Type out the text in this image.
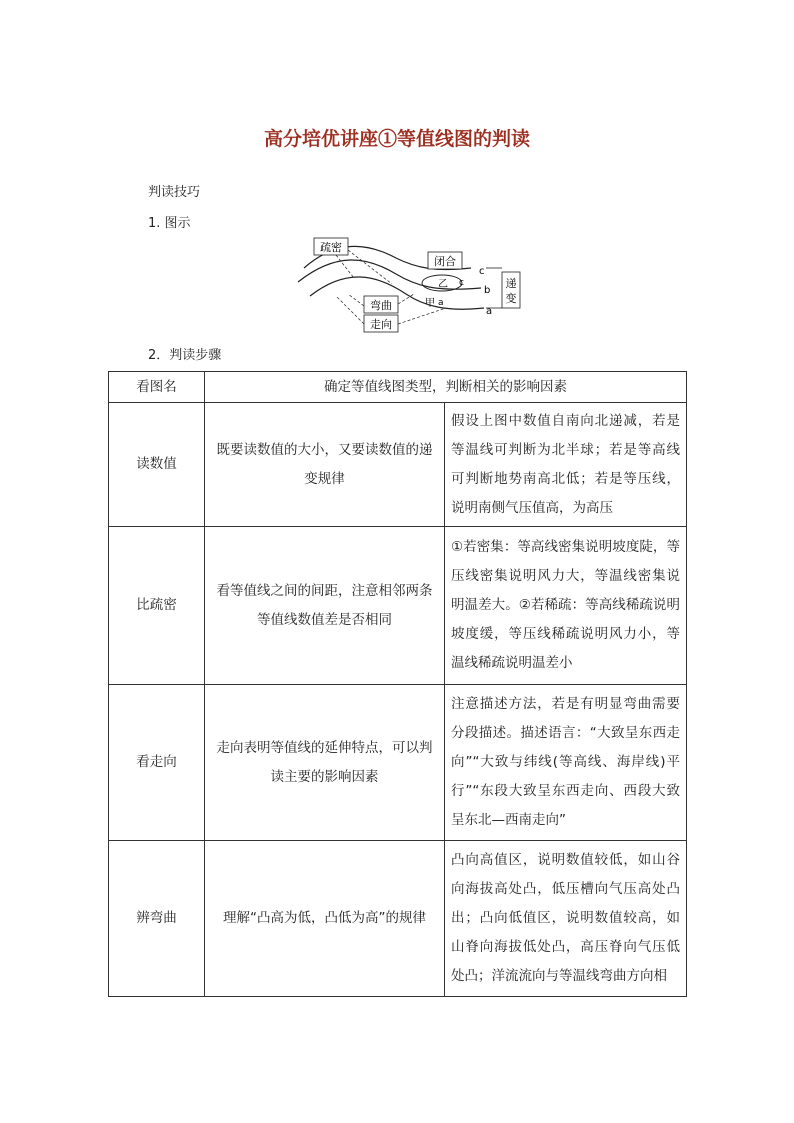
高分培优讲座①等值线图的判读
判读技巧
1. 图示
疏密
闭合
弯曲
走向
递
变
c
b
a
乙 c
甲 a
2．判读步骤
看图名	确定等值线图类型，判断相关的影响因素	
读数值	既要读数值的大小，又要读数值的递变规律	假设上图中数值自南向北递减，若是等温线可判断为北半球；若是等高线可判断地势南高北低；若是等压线，说明南侧气压值高，为高压
比疏密	看等值线之间的间距，注意相邻两条等值线数值差是否相同	①若密集：等高线密集说明坡度陡，等压线密集说明风力大，等温线密集说明温差大。②若稀疏：等高线稀疏说明坡度缓，等压线稀疏说明风力小，等温线稀疏说明温差小
看走向	走向表明等值线的延伸特点，可以判读主要的影响因素	注意描述方法，若是有明显弯曲需要分段描述。描述语言：“大致呈东西走向”“大致与纬线(等高线、海岸线)平行”“东段大致呈东西走向、西段大致呈东北—西南走向”
辨弯曲	理解“凸高为低，凸低为高”的规律	凸向高值区，说明数值较低，如山谷向海拔高处凸，低压槽向气压高处凸出；凸向低值区，说明数值较高，如山脊向海拔低处凸，高压脊向气压低处凸；洋流流向与等温线弯曲方向相
